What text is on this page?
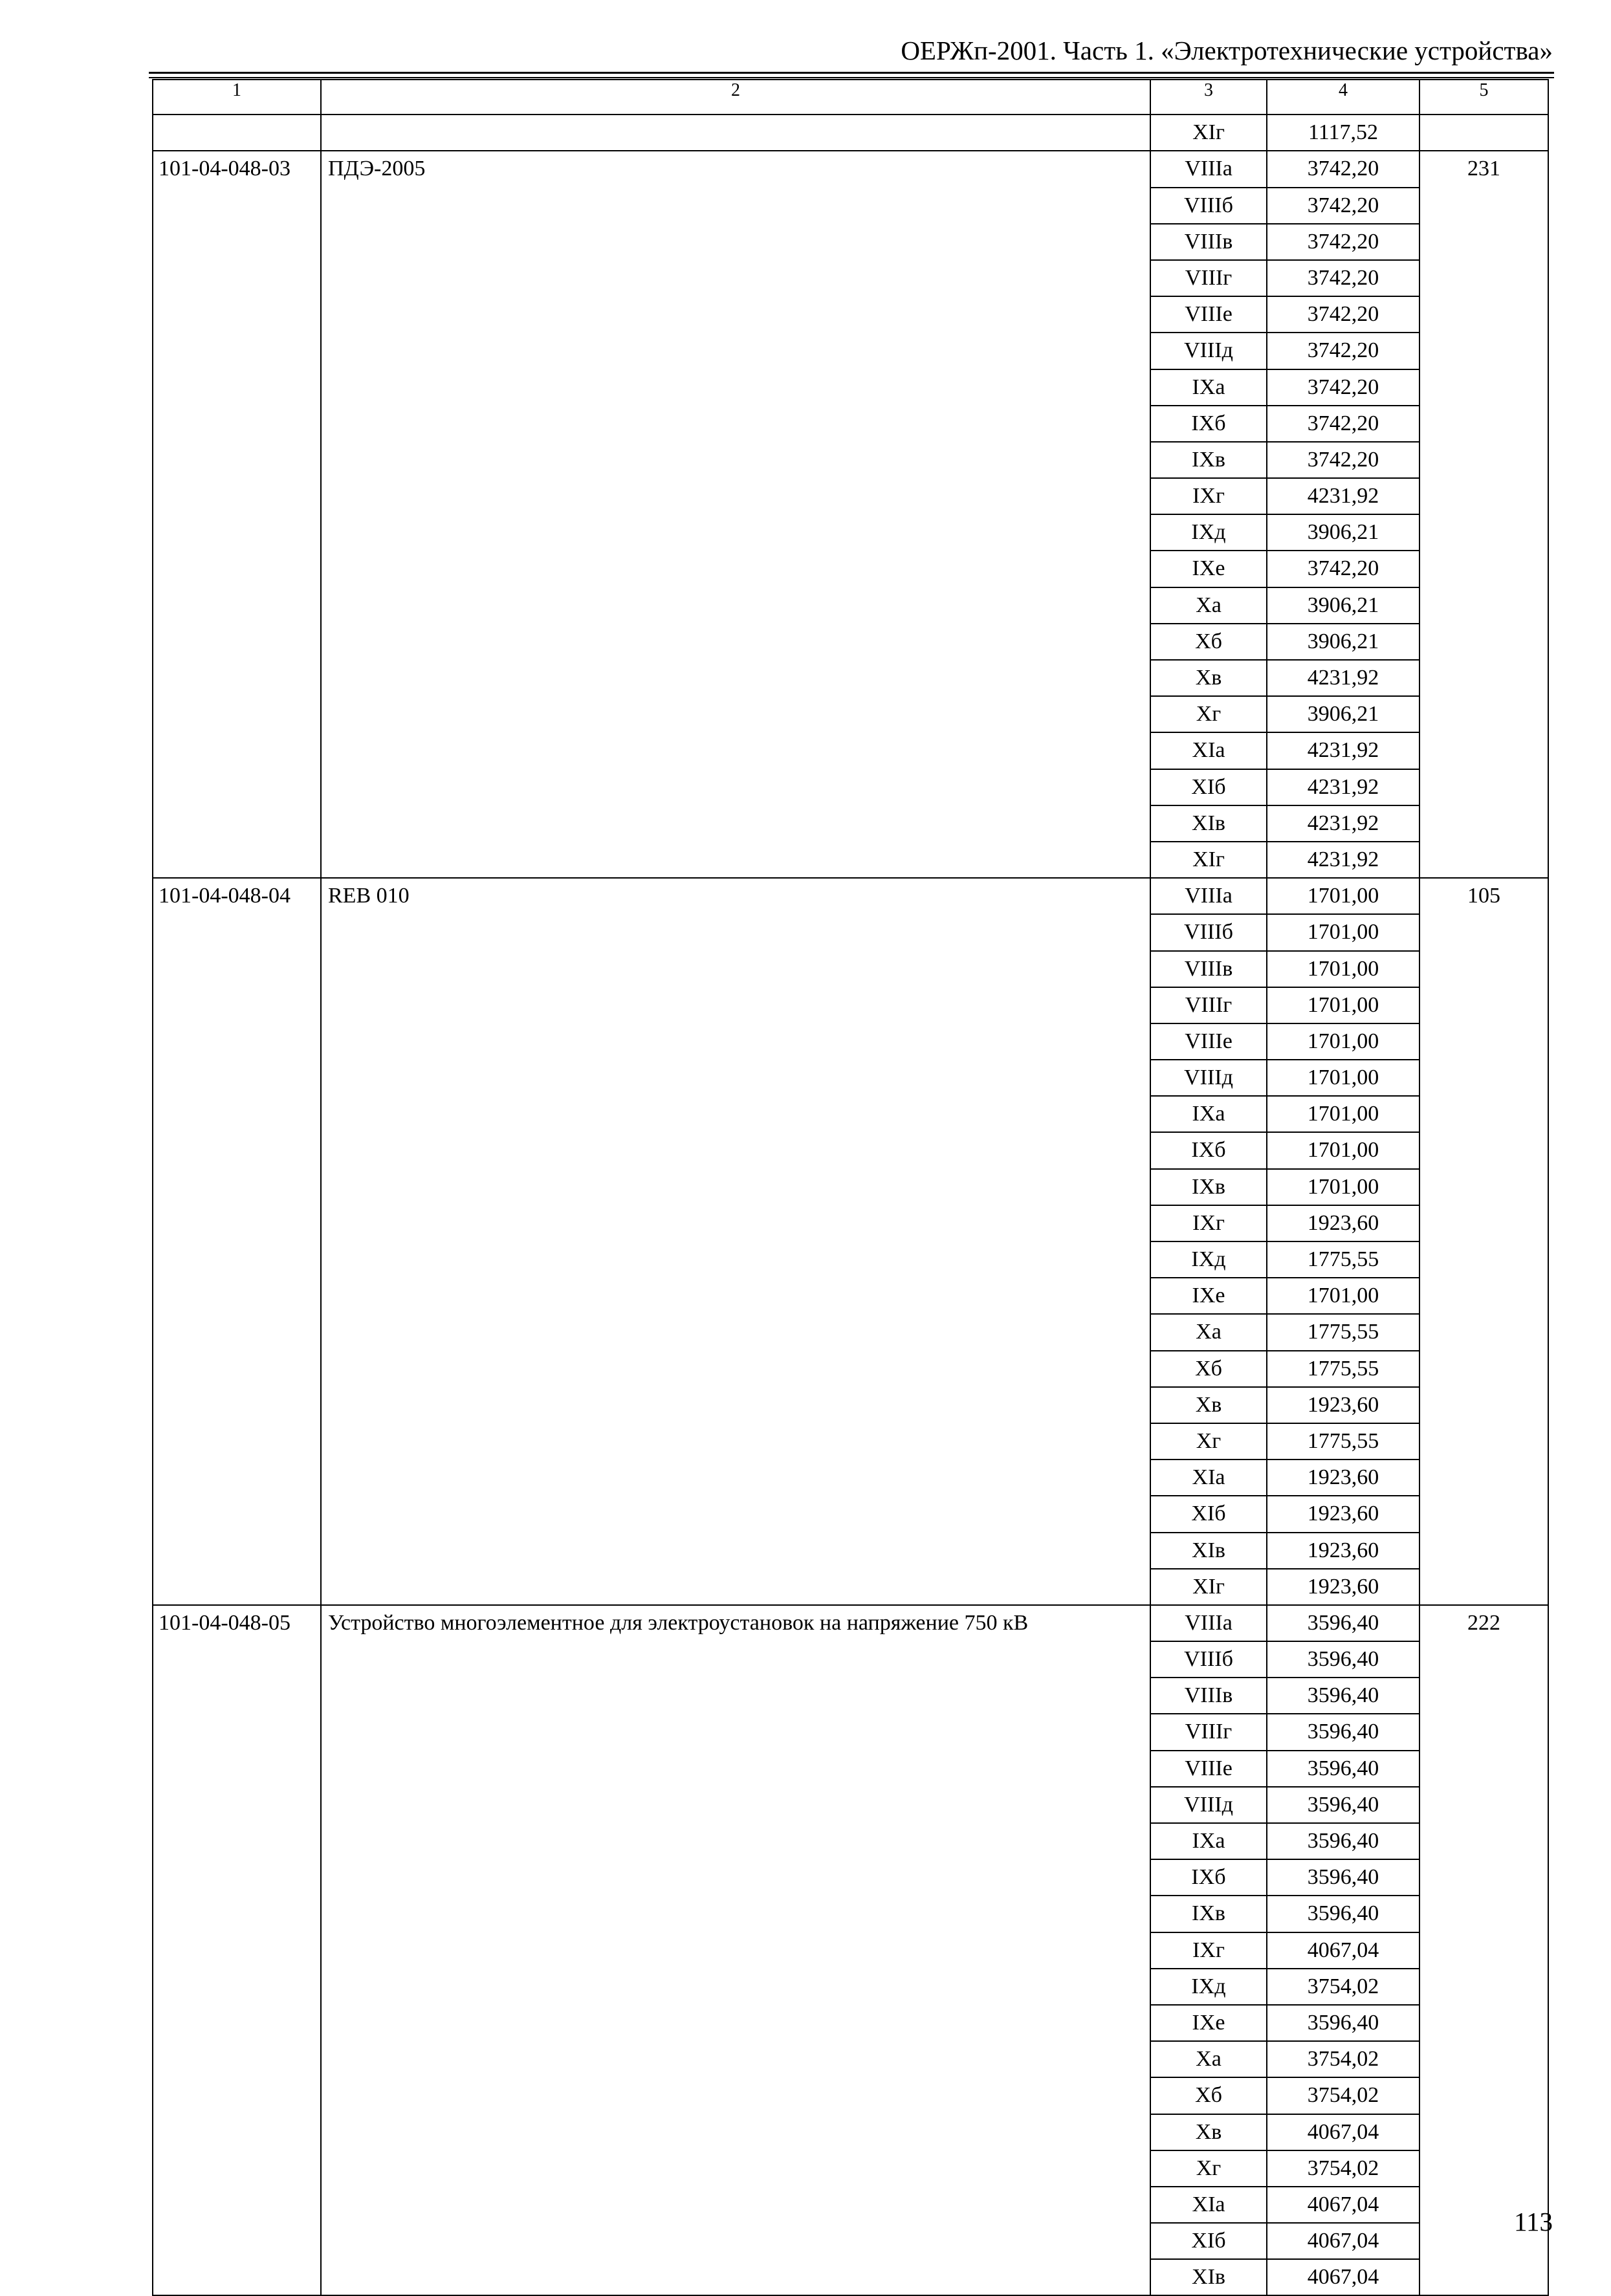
ОЕРЖп-2001. Часть 1. «Электротехнические устройства»
1	2	3	4	5

		XIг	1117,52	

101-04-048-03	ПДЭ-2005	VIIIа	3742,20	231

		VIIIб	3742,20	

		VIIIв	3742,20	

		VIIIг	3742,20	

		VIIIе	3742,20	

		VIIIд	3742,20	

		IXа	3742,20	

		IXб	3742,20	

		IXв	3742,20	

		IXг	4231,92	

		IXд	3906,21	

		IXе	3742,20	

		Xа	3906,21	

		Xб	3906,21	

		Xв	4231,92	

		Xг	3906,21	

		XIа	4231,92	

		XIб	4231,92	

		XIв	4231,92	

		XIг	4231,92	

101-04-048-04	REB 010	VIIIа	1701,00	105

		VIIIб	1701,00	

		VIIIв	1701,00	

		VIIIг	1701,00	

		VIIIе	1701,00	

		VIIIд	1701,00	

		IXа	1701,00	

		IXб	1701,00	

		IXв	1701,00	

		IXг	1923,60	

		IXд	1775,55	

		IXе	1701,00	

		Xа	1775,55	

		Xб	1775,55	

		Xв	1923,60	

		Xг	1775,55	

		XIа	1923,60	

		XIб	1923,60	

		XIв	1923,60	

		XIг	1923,60	

101-04-048-05	Устройство многоэлементное для электроустановок на напряжение 750 кВ	VIIIа	3596,40	222

		VIIIб	3596,40	

		VIIIв	3596,40	

		VIIIг	3596,40	

		VIIIе	3596,40	

		VIIIд	3596,40	

		IXа	3596,40	

		IXб	3596,40	

		IXв	3596,40	

		IXг	4067,04	

		IXд	3754,02	

		IXе	3596,40	

		Xа	3754,02	

		Xб	3754,02	

		Xв	4067,04	

		Xг	3754,02	

		XIа	4067,04	

		XIб	4067,04	

		XIв	4067,04	
113
